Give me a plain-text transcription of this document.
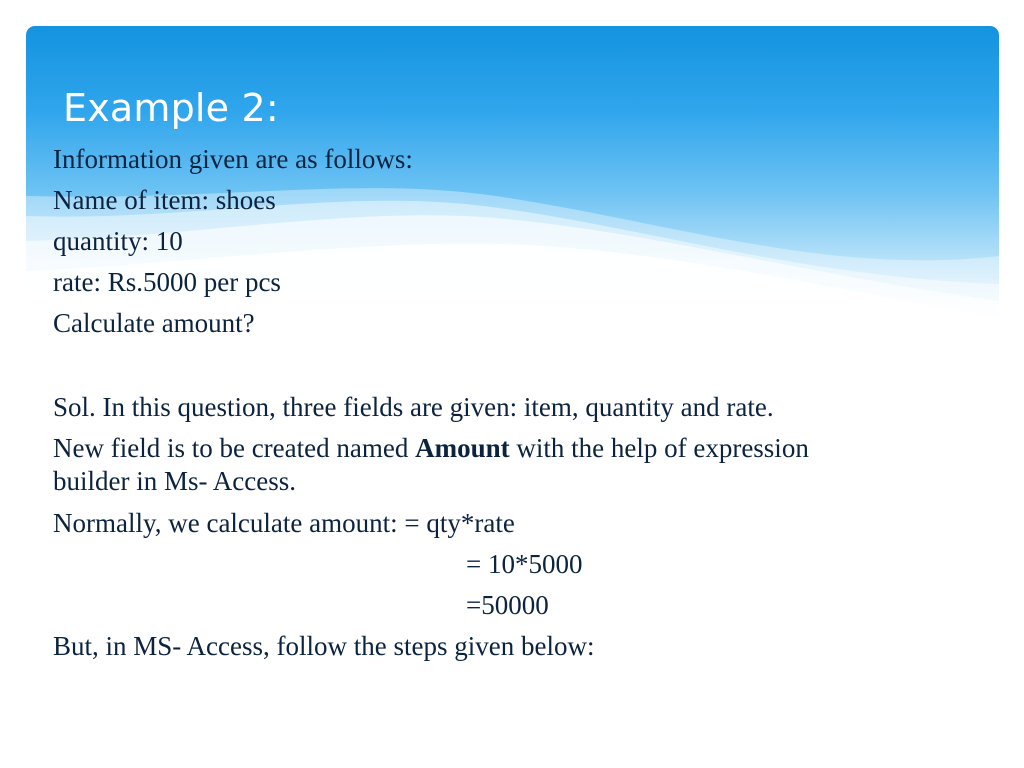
Example 2:

Information given are as follows:

Name of item: shoes

quantity: 10

rate: Rs.5000 per pcs

Calculate amount?

Sol. In this question, three fields are given: item, quantity and rate.

New field is to be created named Amount with the help of expression

builder in Ms- Access.

Normally, we calculate amount: = qty*rate

= 10*5000

=50000

But, in MS- Access, follow the steps given below:
